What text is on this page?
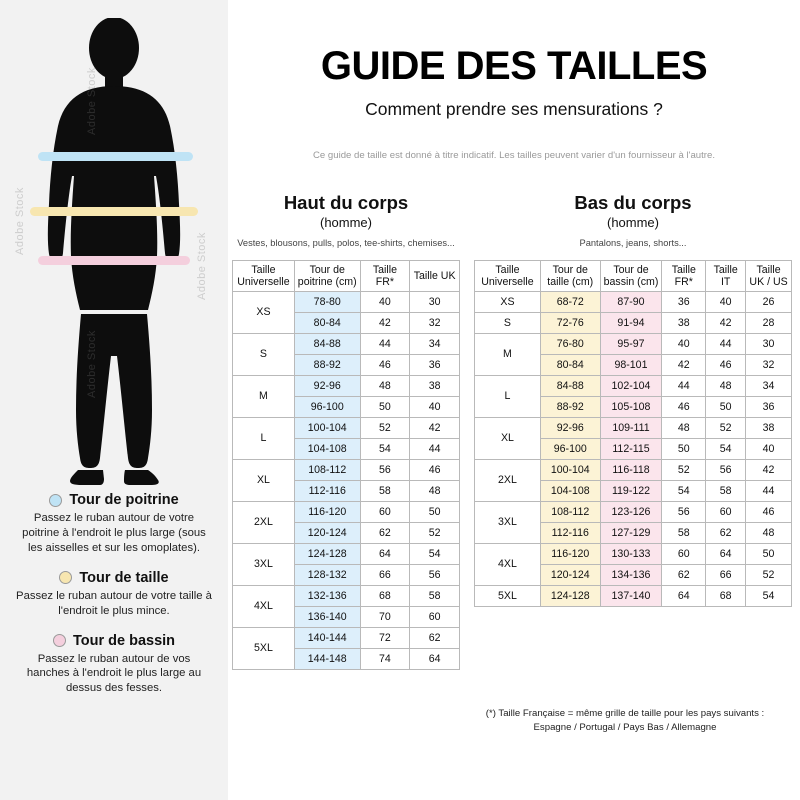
Adobe Stock
Adobe Stock
Adobe Stock
Adobe Stock
Tour de poitrine
Passez le ruban autour de votre poitrine à l'endroit le plus large (sous les aisselles et sur les omoplates).
Tour de taille
Passez le ruban autour de votre taille à l'endroit le plus mince.
Tour de bassin
Passez le ruban autour de vos hanches à l'endroit le plus large au dessus des fesses.
GUIDE DES TAILLES
Comment prendre ses mensurations ?
Ce guide de taille est donné à titre indicatif. Les tailles peuvent varier d'un fournisseur à l'autre.
Haut du corps
(homme)
Vestes, blousons, pulls, polos, tee-shirts, chemises...
Taille Universelle	Tour de poitrine (cm)	Taille FR*	Taille UK
XS	78-80	40	30
	80-84	42	32
S	84-88	44	34
	88-92	46	36
M	92-96	48	38
	96-100	50	40
L	100-104	52	42
	104-108	54	44
XL	108-112	56	46
	112-116	58	48
2XL	116-120	60	50
	120-124	62	52
3XL	124-128	64	54
	128-132	66	56
4XL	132-136	68	58
	136-140	70	60
5XL	140-144	72	62
	144-148	74	64
Bas du corps
(homme)
Pantalons, jeans, shorts...
Taille Universelle	Tour de taille (cm)	Tour de bassin (cm)	Taille FR*	Taille IT	Taille UK / US
XS	68-72	87-90	36	40	26
S	72-76	91-94	38	42	28
M	76-80	95-97	40	44	30
	80-84	98-101	42	46	32
L	84-88	102-104	44	48	34
	88-92	105-108	46	50	36
XL	92-96	109-111	48	52	38
	96-100	112-115	50	54	40
2XL	100-104	116-118	52	56	42
	104-108	119-122	54	58	44
3XL	108-112	123-126	56	60	46
	112-116	127-129	58	62	48
4XL	116-120	130-133	60	64	50
	120-124	134-136	62	66	52
5XL	124-128	137-140	64	68	54
(*) Taille Française = même grille de taille pour les pays suivants : Espagne / Portugal / Pays Bas / Allemagne
